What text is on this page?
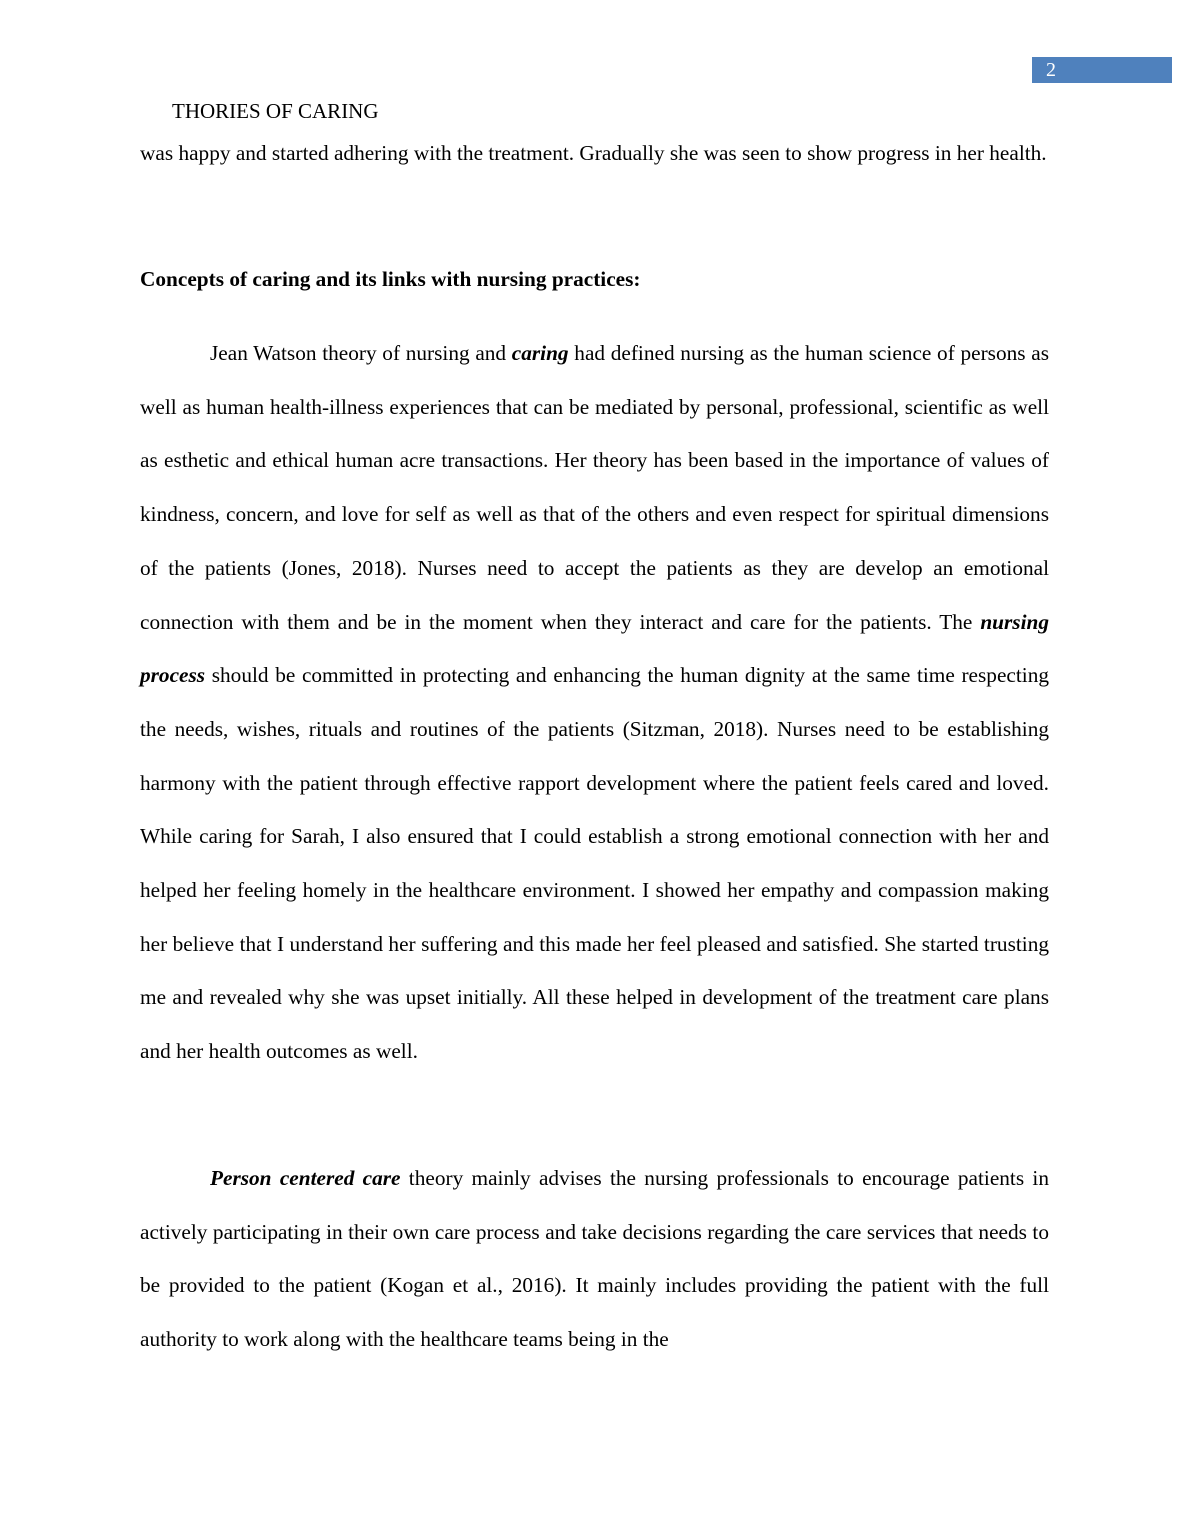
2
THORIES OF CARING

was happy and started adhering with the treatment. Gradually she was seen to show progress in her health.

Concepts of caring and its links with nursing practices:

Jean Watson theory of nursing and caring had defined nursing as the human science of persons as well as human health-illness experiences that can be mediated by personal, professional, scientific as well as esthetic and ethical human acre transactions. Her theory has been based in the importance of values of kindness, concern, and love for self as well as that of the others and even respect for spiritual dimensions of the patients (Jones, 2018). Nurses need to accept the patients as they are develop an emotional connection with them and be in the moment when they interact and care for the patients. The nursing process should be committed in protecting and enhancing the human dignity at the same time respecting the needs, wishes, rituals and routines of the patients (Sitzman, 2018). Nurses need to be establishing harmony with the patient through effective rapport development where the patient feels cared and loved. While caring for Sarah, I also ensured that I could establish a strong emotional connection with her and helped her feeling homely in the healthcare environment. I showed her empathy and compassion making her believe that I understand her suffering and this made her feel pleased and satisfied. She started trusting me and revealed why she was upset initially. All these helped in development of the treatment care plans and her health outcomes as well.

Person centered care theory mainly advises the nursing professionals to encourage patients in actively participating in their own care process and take decisions regarding the care services that needs to be provided to the patient (Kogan et al., 2016). It mainly includes providing the patient with the full authority to work along with the healthcare teams being in the
